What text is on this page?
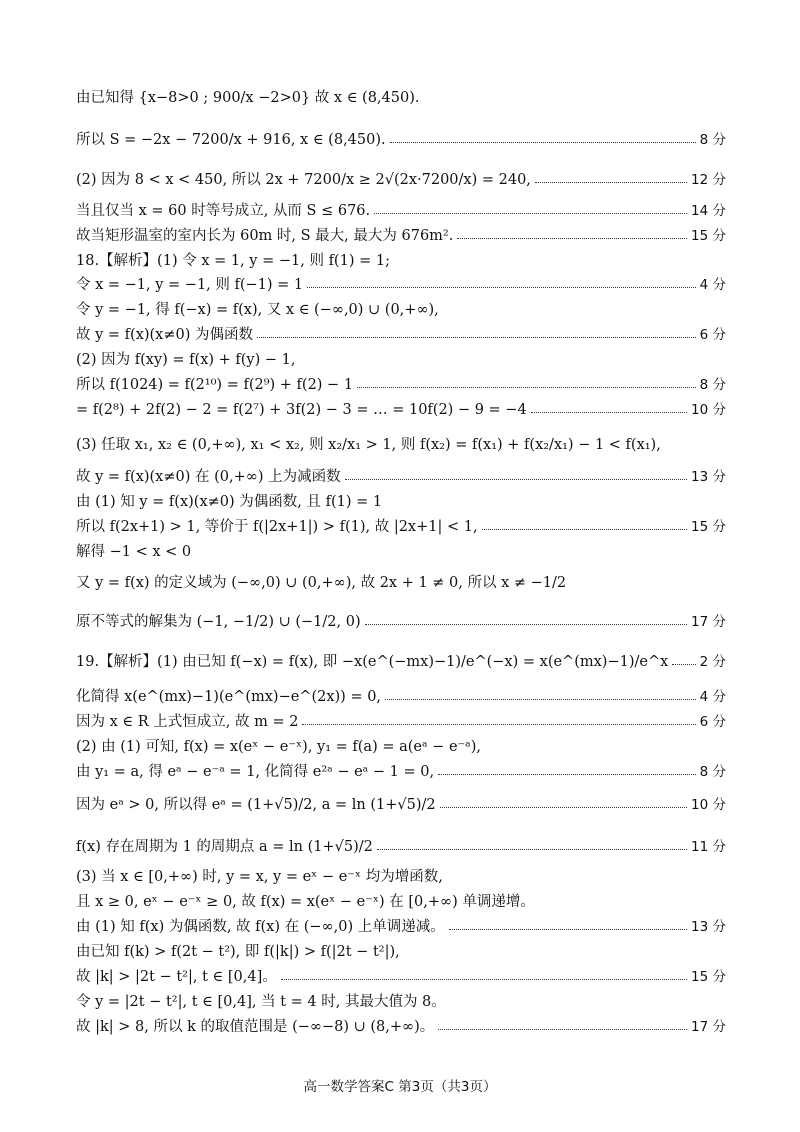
由已知得 {x−8>0 ; 900/x −2>0} 故 x ∈ (8,450).
所以 S = −2x − 7200/x + 916, x ∈ (8,450).	8 分
(2) 因为 8 < x < 450, 所以 2x + 7200/x ≥ 2√(2x·7200/x) = 240,	12 分
当且仅当 x = 60 时等号成立, 从而 S ≤ 676.	14 分
故当矩形温室的室内长为 60m 时, S 最大, 最大为 676m².	15 分
18.【解析】(1) 令 x = 1, y = −1, 则 f(1) = 1;
令 x = −1, y = −1, 则 f(−1) = 1	4 分
令 y = −1, 得 f(−x) = f(x), 又 x ∈ (−∞,0) ∪ (0,+∞),
故 y = f(x)(x≠0) 为偶函数	6 分
(2) 因为 f(xy) = f(x) + f(y) − 1,
所以 f(1024) = f(2¹⁰) = f(2⁹) + f(2) − 1	8 分
= f(2⁸) + 2f(2) − 2 = f(2⁷) + 3f(2) − 3 = … = 10f(2) − 9 = −4	10 分
(3) 任取 x₁, x₂ ∈ (0,+∞), x₁ < x₂, 则 x₂/x₁ > 1, 则 f(x₂) = f(x₁) + f(x₂/x₁) − 1 < f(x₁),
故 y = f(x)(x≠0) 在 (0,+∞) 上为减函数	13 分
由 (1) 知 y = f(x)(x≠0) 为偶函数, 且 f(1) = 1
所以 f(2x+1) > 1, 等价于 f(|2x+1|) > f(1), 故 |2x+1| < 1,	15 分
解得 −1 < x < 0
又 y = f(x) 的定义域为 (−∞,0) ∪ (0,+∞), 故 2x + 1 ≠ 0, 所以 x ≠ −1/2
原不等式的解集为 (−1, −1/2) ∪ (−1/2, 0)	17 分
19.【解析】(1) 由已知 f(−x) = f(x), 即 −x(e^(−mx)−1)/e^(−x) = x(e^(mx)−1)/e^x 2 分
化简得 x(e^(mx)−1)(e^(mx)−e^(2x)) = 0,	4 分
因为 x ∈ R 上式恒成立, 故 m = 2	6 分
(2) 由 (1) 可知, f(x) = x(eˣ − e⁻ˣ), y₁ = f(a) = a(eᵃ − e⁻ᵃ),
由 y₁ = a, 得 eᵃ − e⁻ᵃ = 1, 化简得 e²ᵃ − eᵃ − 1 = 0,	8 分
因为 eᵃ > 0, 所以得 eᵃ = (1+√5)/2, a = ln (1+√5)/2	10 分
f(x) 存在周期为 1 的周期点 a = ln (1+√5)/2	11 分
(3) 当 x ∈ [0,+∞) 时, y = x, y = eˣ − e⁻ˣ 均为增函数,
且 x ≥ 0, eˣ − e⁻ˣ ≥ 0, 故 f(x) = x(eˣ − e⁻ˣ) 在 [0,+∞) 单调递增。
由 (1) 知 f(x) 为偶函数, 故 f(x) 在 (−∞,0) 上单调递减。	13 分
由已知 f(k) > f(2t − t²), 即 f(|k|) > f(|2t − t²|),
故 |k| > |2t − t²|, t ∈ [0,4]。	15 分
令 y = |2t − t²|, t ∈ [0,4], 当 t = 4 时, 其最大值为 8。
故 |k| > 8, 所以 k 的取值范围是 (−∞−8) ∪ (8,+∞)。	17 分
高一数学答案C 第3页（共3页）
